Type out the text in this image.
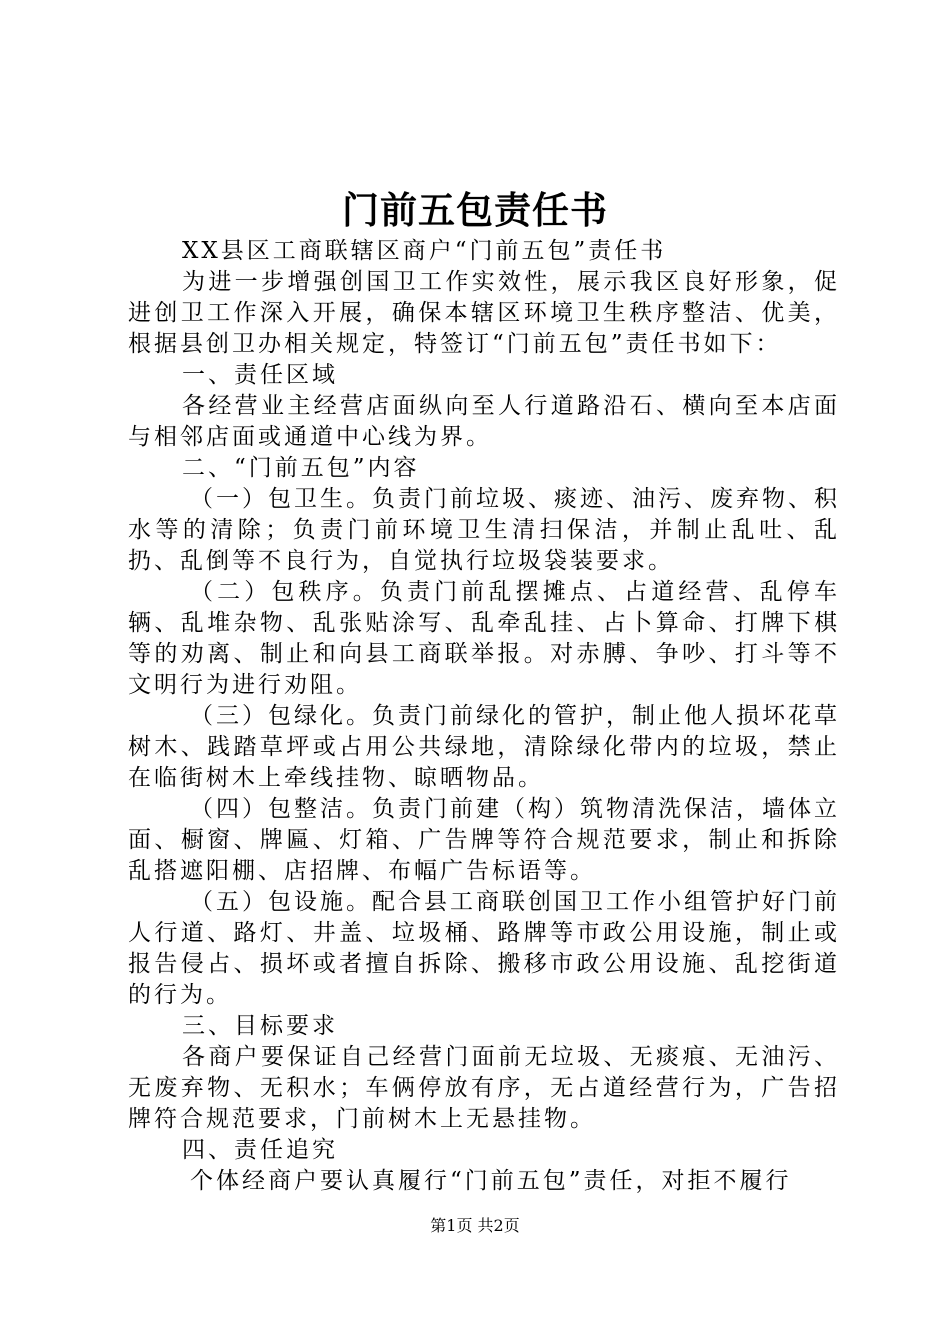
门前五包责任书

XX县区工商联辖区商户“门前五包”责任书

为进一步增强创国卫工作实效性，展示我区良好形象，促进创卫工作深入开展，确保本辖区环境卫生秩序整洁、优美，根据县创卫办相关规定，特签订“门前五包”责任书如下：

一、责任区域

各经营业主经营店面纵向至人行道路沿石、横向至本店面与相邻店面或通道中心线为界。

二、“门前五包”内容

（一）包卫生。负责门前垃圾、痰迹、油污、废弃物、积水等的清除；负责门前环境卫生清扫保洁，并制止乱吐、乱扔、乱倒等不良行为，自觉执行垃圾袋装要求。

（二）包秩序。负责门前乱摆摊点、占道经营、乱停车辆、乱堆杂物、乱张贴涂写、乱牵乱挂、占卜算命、打牌下棋等的劝离、制止和向县工商联举报。对赤膊、争吵、打斗等不文明行为进行劝阻。

（三）包绿化。负责门前绿化的管护，制止他人损坏花草树木、践踏草坪或占用公共绿地，清除绿化带内的垃圾，禁止在临街树木上牵线挂物、晾晒物品。

（四）包整洁。负责门前建（构）筑物清洗保洁，墙体立面、橱窗、牌匾、灯箱、广告牌等符合规范要求，制止和拆除乱搭遮阳棚、店招牌、布幅广告标语等。

（五）包设施。配合县工商联创国卫工作小组管护好门前人行道、路灯、井盖、垃圾桶、路牌等市政公用设施，制止或报告侵占、损坏或者擅自拆除、搬移市政公用设施、乱挖街道的行为。

三、目标要求

各商户要保证自己经营门面前无垃圾、无痰痕、无油污、无废弃物、无积水；车俩停放有序，无占道经营行为，广告招牌符合规范要求，门前树木上无悬挂物。

四、责任追究

个体经商户要认真履行“门前五包”责任，对拒不履行

第1页 共2页
